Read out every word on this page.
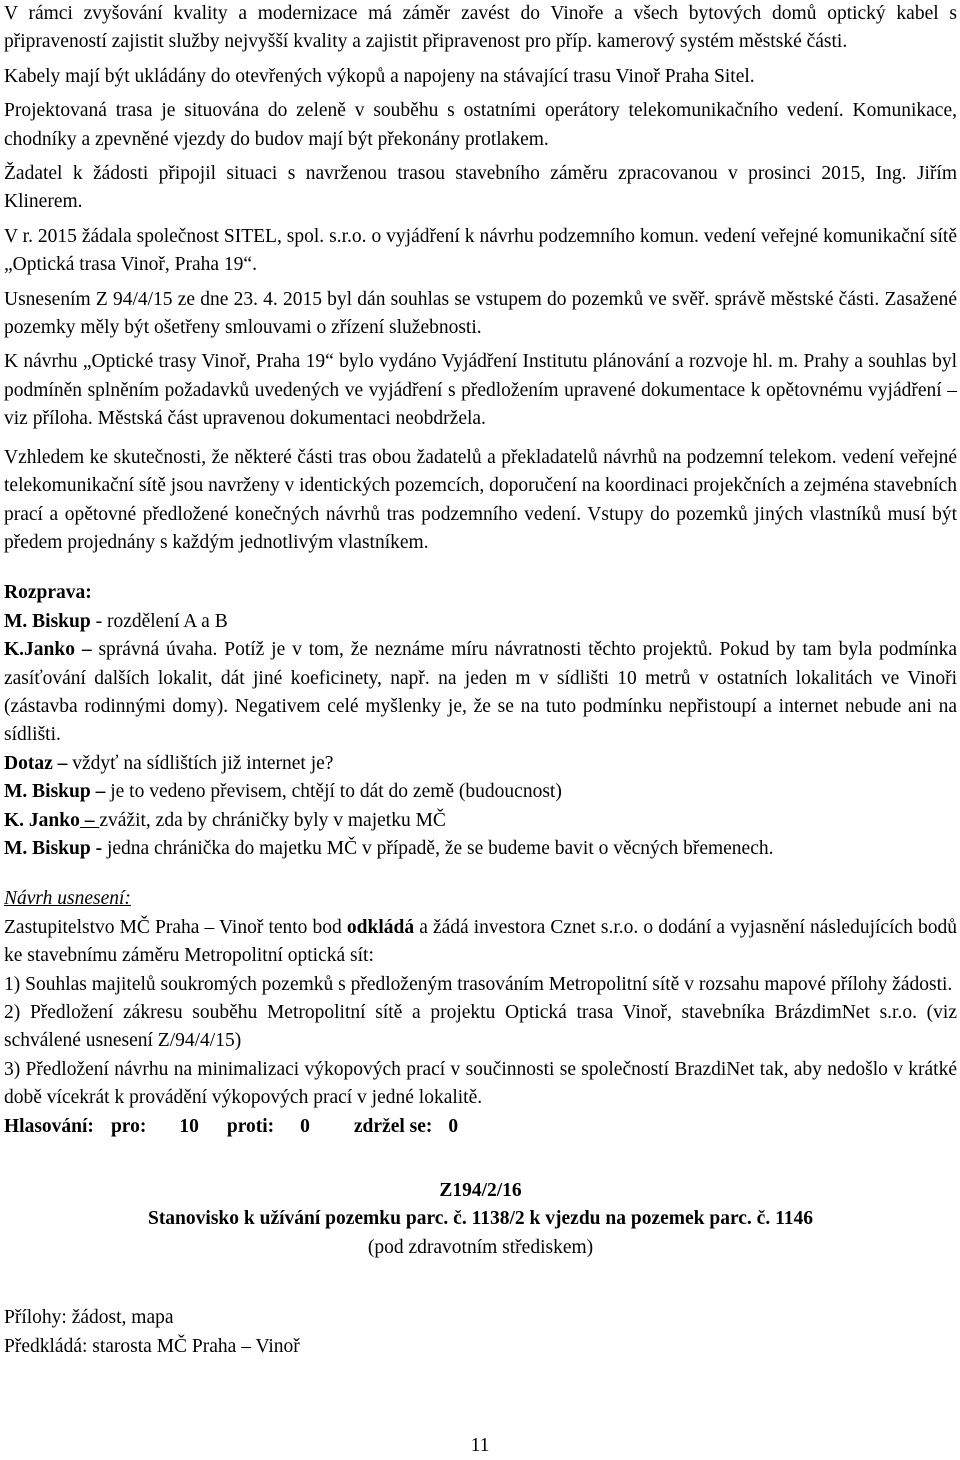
V rámci zvyšování kvality a modernizace má záměr zavést do Vinoře a všech bytových domů optický kabel s připraveností zajistit služby nejvyšší kvality a zajistit připravenost pro příp. kamerový systém městské části.

Kabely mají být ukládány do otevřených výkopů a napojeny na stávající trasu Vinoř Praha Sitel.

Projektovaná trasa je situována do zeleně v souběhu s ostatními operátory telekomunikačního vedení. Komunikace, chodníky a zpevněné vjezdy do budov mají být překonány protlakem.

Žadatel k žádosti připojil situaci s navrženou trasou stavebního záměru zpracovanou v prosinci 2015, Ing. Jiřím Klinerem.

V r. 2015 žádala společnost SITEL, spol. s.r.o. o vyjádření k návrhu podzemního komun. vedení veřejné komunikační sítě „Optická trasa Vinoř, Praha 19“.

Usnesením Z 94/4/15 ze dne 23. 4. 2015 byl dán souhlas se vstupem do pozemků ve svěř. správě městské části. Zasažené pozemky měly být ošetřeny smlouvami o zřízení služebnosti.

K návrhu „Optické trasy Vinoř, Praha 19“ bylo vydáno Vyjádření Institutu plánování a rozvoje hl. m. Prahy a souhlas byl podmíněn splněním požadavků uvedených ve vyjádření s předložením upravené dokumentace k opětovnému vyjádření – viz příloha. Městská část upravenou dokumentaci neobdržela.

Vzhledem ke skutečnosti, že některé části tras obou žadatelů a překladatelů návrhů na podzemní telekom. vedení veřejné telekomunikační sítě jsou navrženy v identických pozemcích, doporučení na koordinaci projekčních a zejména stavebních prací a opětovné předložené konečných návrhů tras podzemního vedení. Vstupy do pozemků jiných vlastníků musí být předem projednány s každým jednotlivým vlastníkem.

Rozprava:

M. Biskup - rozdělení A a B

K.Janko – správná úvaha. Potíž je v tom, že neznáme míru návratnosti těchto projektů. Pokud by tam byla podmínka zasíťování dalších lokalit, dát jiné koeficinety, např. na jeden m v sídlišti 10 metrů v ostatních lokalitách ve Vinoři (zástavba rodinnými domy). Negativem celé myšlenky je, že se na tuto podmínku nepřistoupí a internet nebude ani na sídlišti.

Dotaz – vždyť na sídlištích již internet je?

M. Biskup – je to vedeno převisem, chtějí to dát do země (budoucnost)

K. Janko – zvážit, zda by chráničky byly v majetku MČ

M. Biskup - jedna chránička do majetku MČ v případě, že se budeme bavit o věcných břemenech.

Návrh usnesení:

Zastupitelstvo MČ Praha – Vinoř tento bod odkládá a žádá investora Cznet s.r.o. o dodání a vyjasnění následujících bodů ke stavebnímu záměru Metropolitní optická sít:

1) Souhlas majitelů soukromých pozemků s předloženým trasováním Metropolitní sítě v rozsahu mapové přílohy žádosti.

2) Předložení zákresu souběhu Metropolitní sítě a projektu Optická trasa Vinoř, stavebníka BrázdimNet s.r.o. (viz schválené usnesení Z/94/4/15)

3) Předložení návrhu na minimalizaci výkopových prací v součinnosti se společností BrazdiNet tak, aby nedošlo v krátké době vícekrát k provádění výkopových prací v jedné lokalitě.

Hlasování: pro: 10 proti: 0 zdržel se: 0

Z194/2/16

Stanovisko k užívání pozemku parc. č. 1138/2 k vjezdu na pozemek parc. č. 1146

(pod zdravotním střediskem)

Přílohy: žádost, mapa

Předkládá: starosta MČ Praha – Vinoř

11
